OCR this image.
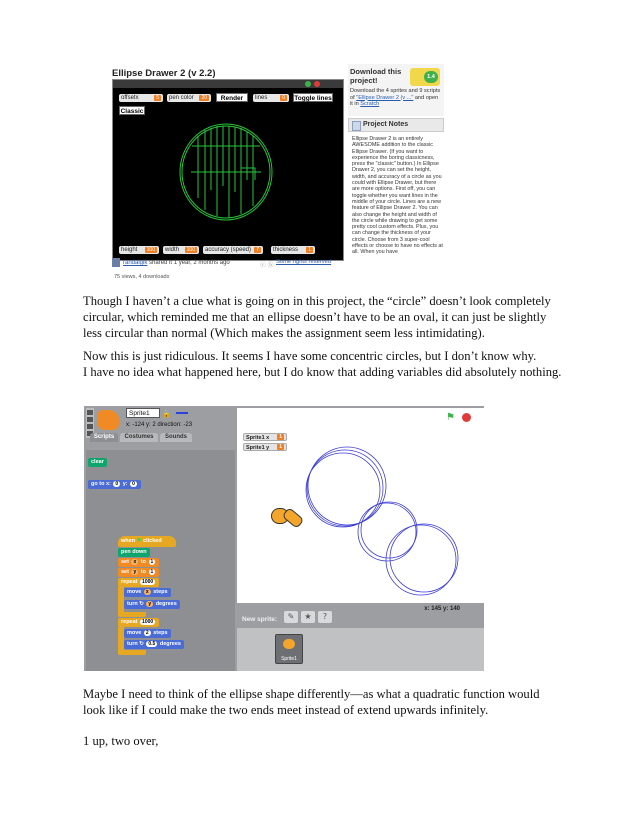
Ellipse Drawer 2 (v 2.2)
offsetx	5	pen color	20	Render	lines	0	Toggle lines
Classic
height	100	width	100	accuracy (speed)	7	thickness	1
Download this project!	1.4
Download the 4 sprites and 9 scripts of "Ellipse Drawer 2 (v ..." and open it in Scratch
Project Notes
Ellipse Drawer 2 is an entirely AWESOME addition to the classic Ellipse Drawer. (If you want to experience the boring classicness, press the "classic" button.) In Ellipse Drawer 2, you can set the height, width, and accuracy of a circle as you could with Ellipse Drawer, but there are more options. First off, you can toggle whether you want lines in the middle of your circle. Lines are a new feature of Ellipse Drawer 2. You can also change the height and width of the circle while drawing to get some pretty cool custom effects. Plus, you can change the thickness of your circle. Choose from 3 super-cool effects or choose to have no effects at all. When you have
randalgik shared it 1 year, 2 months ago	ⓒ ⓑ
Some rights reserved
75 views, 4 downloads
Though I haven’t a clue what is going on in this project, the “circle” doesn’t look completely circular, which reminded me that an ellipse doesn’t have to be an oval, it can just be slightly less circular than normal (Which makes the assignment seem less intimidating).
Now this is just ridiculous. It seems I have some concentric circles, but I don’t know why.
I have no idea what happened here, but I do know that adding variables did absolutely nothing.
Sprite1	🔒
x: -124 y: 2 direction: -23
Scripts	Costumes	Sounds
clear
go to x: 0 y: 0
when ⚑ clicked
pen down
set x to 1
set y to 1
repeat 1000
move x steps
turn ↻ y degrees
repeat 1000
move 2 steps
turn ↻ 0.5 degrees
⚑
Sprite1 x	1
Sprite1 y	1
x: 145 y: 140
New sprite:	✎	★	?
Sprite1
Maybe I need to think of the ellipse shape differently—as what a quadratic function would look like if I could make the two ends meet instead of extend upwards infinitely.
1 up, two over,
